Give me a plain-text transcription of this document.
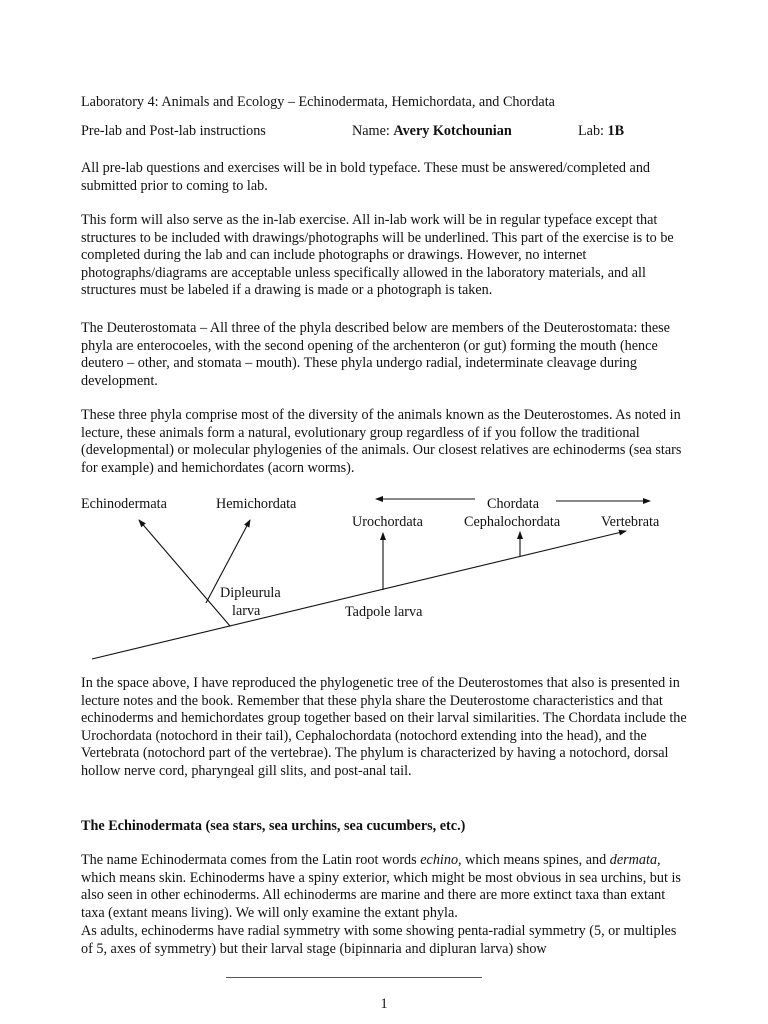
Laboratory 4: Animals and Ecology – Echinodermata, Hemichordata, and Chordata
Pre-lab and Post-lab instructions	Name: Avery Kotchounian	Lab: 1B

All pre-lab questions and exercises will be in bold typeface. These must be answered/completed and submitted prior to coming to lab.

This form will also serve as the in-lab exercise. All in-lab work will be in regular typeface except that structures to be included with drawings/photographs will be underlined. This part of the exercise is to be completed during the lab and can include photographs or drawings. However, no internet photographs/diagrams are acceptable unless specifically allowed in the laboratory materials, and all structures must be labeled if a drawing is made or a photograph is taken.

The Deuterostomata – All three of the phyla described below are members of the Deuterostomata: these phyla are enterocoeles, with the second opening of the archenteron (or gut) forming the mouth (hence deutero – other, and stomata – mouth). These phyla undergo radial, indeterminate cleavage during development.

These three phyla comprise most of the diversity of the animals known as the Deuterostomes. As noted in lecture, these animals form a natural, evolutionary group regardless of if you follow the traditional (developmental) or molecular phylogenies of the animals. Our closest relatives are echinoderms (sea stars for example) and hemichordates (acorn worms).

Echinodermata	Hemichordata	Chordata
Urochordata	Cephalochordata	Vertebrata
Dipleurula
larva	Tadpole larva

In the space above, I have reproduced the phylogenetic tree of the Deuterostomes that also is presented in lecture notes and the book. Remember that these phyla share the Deuterostome characteristics and that echinoderms and hemichordates group together based on their larval similarities. The Chordata include the Urochordata (notochord in their tail), Cephalochordata (notochord extending into the head), and the Vertebrata (notochord part of the vertebrae). The phylum is characterized by having a notochord, dorsal hollow nerve cord, pharyngeal gill slits, and post-anal tail.

The Echinodermata (sea stars, sea urchins, sea cucumbers, etc.)

The name Echinodermata comes from the Latin root words echino, which means spines, and dermata, which means skin. Echinoderms have a spiny exterior, which might be most obvious in sea urchins, but is also seen in other echinoderms. All echinoderms are marine and there are more extinct taxa than extant taxa (extant means living). We will only examine the extant phyla.

As adults, echinoderms have radial symmetry with some showing penta-radial symmetry (5, or multiples of 5, axes of symmetry) but their larval stage (bipinnaria and dipluran larva) show

1
